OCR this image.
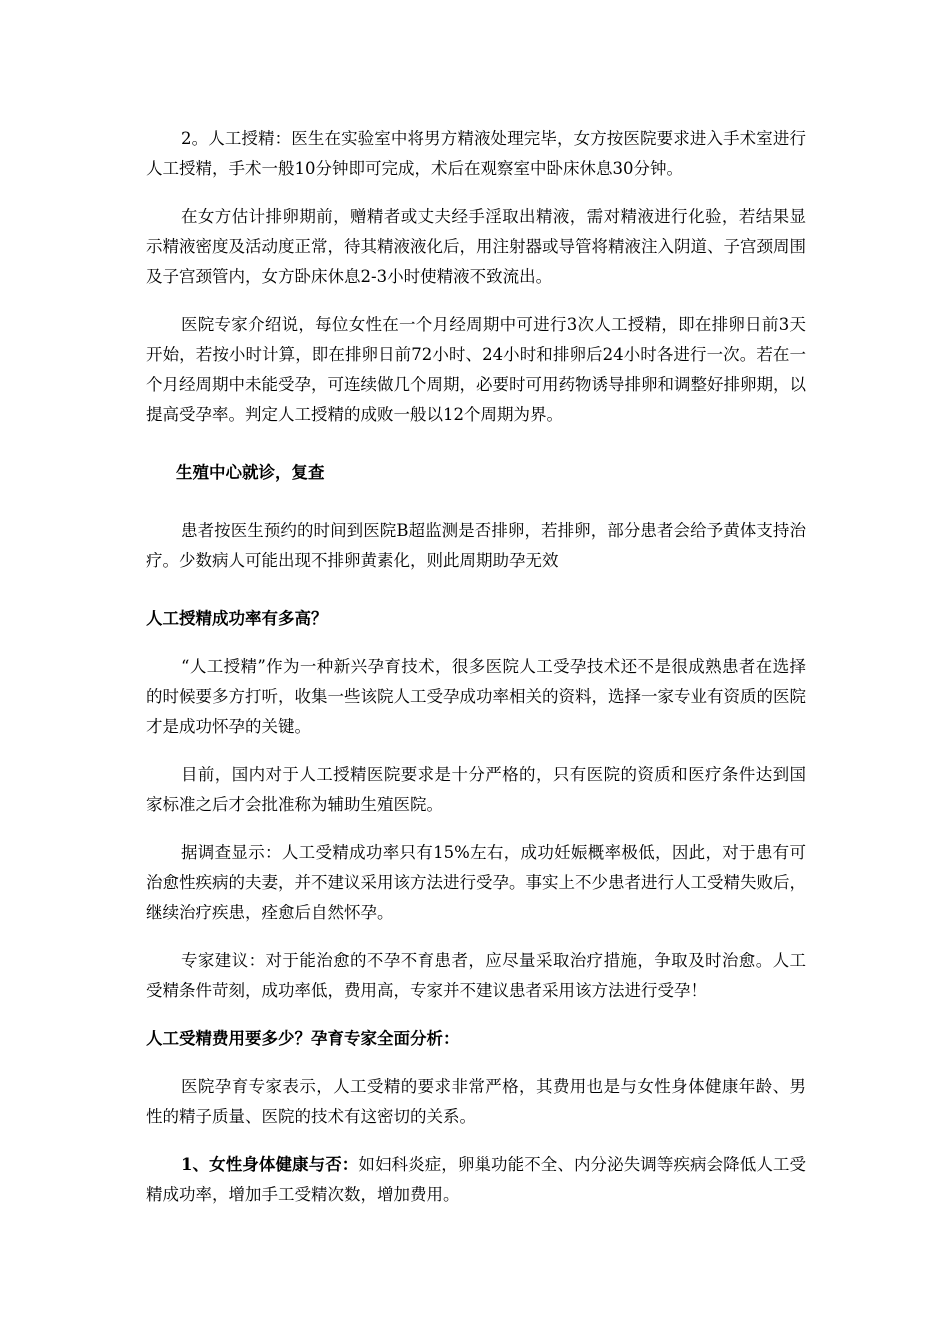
2。人工授精：医生在实验室中将男方精液处理完毕，女方按医院要求进入手术室进行人工授精，手术一般10分钟即可完成，术后在观察室中卧床休息30分钟。

在女方估计排卵期前，赠精者或丈夫经手淫取出精液，需对精液进行化验，若结果显示精液密度及活动度正常，待其精液液化后，用注射器或导管将精液注入阴道、子宫颈周围及子宫颈管内，女方卧床休息2-3小时使精液不致流出。

医院专家介绍说，每位女性在一个月经周期中可进行3次人工授精，即在排卵日前3天开始，若按小时计算，即在排卵日前72小时、24小时和排卵后24小时各进行一次。若在一个月经周期中未能受孕，可连续做几个周期，必要时可用药物诱导排卵和调整好排卵期，以提高受孕率。判定人工授精的成败一般以12个周期为界。

生殖中心就诊，复查

患者按医生预约的时间到医院B超监测是否排卵，若排卵，部分患者会给予黄体支持治疗。少数病人可能出现不排卵黄素化，则此周期助孕无效

人工授精成功率有多高？

“人工授精”作为一种新兴孕育技术，很多医院人工受孕技术还不是很成熟患者在选择的时候要多方打听，收集一些该院人工受孕成功率相关的资料，选择一家专业有资质的医院才是成功怀孕的关键。

目前，国内对于人工授精医院要求是十分严格的，只有医院的资质和医疗条件达到国家标准之后才会批准称为辅助生殖医院。

据调查显示：人工受精成功率只有15%左右，成功妊娠概率极低，因此，对于患有可治愈性疾病的夫妻，并不建议采用该方法进行受孕。事实上不少患者进行人工受精失败后，继续治疗疾患，痊愈后自然怀孕。

专家建议：对于能治愈的不孕不育患者，应尽量采取治疗措施，争取及时治愈。人工受精条件苛刻，成功率低，费用高，专家并不建议患者采用该方法进行受孕！

人工受精费用要多少？孕育专家全面分析：

医院孕育专家表示，人工受精的要求非常严格，其费用也是与女性身体健康年龄、男性的精子质量、医院的技术有这密切的关系。

1、女性身体健康与否：如妇科炎症，卵巢功能不全、内分泌失调等疾病会降低人工受精成功率，增加手工受精次数，增加费用。
